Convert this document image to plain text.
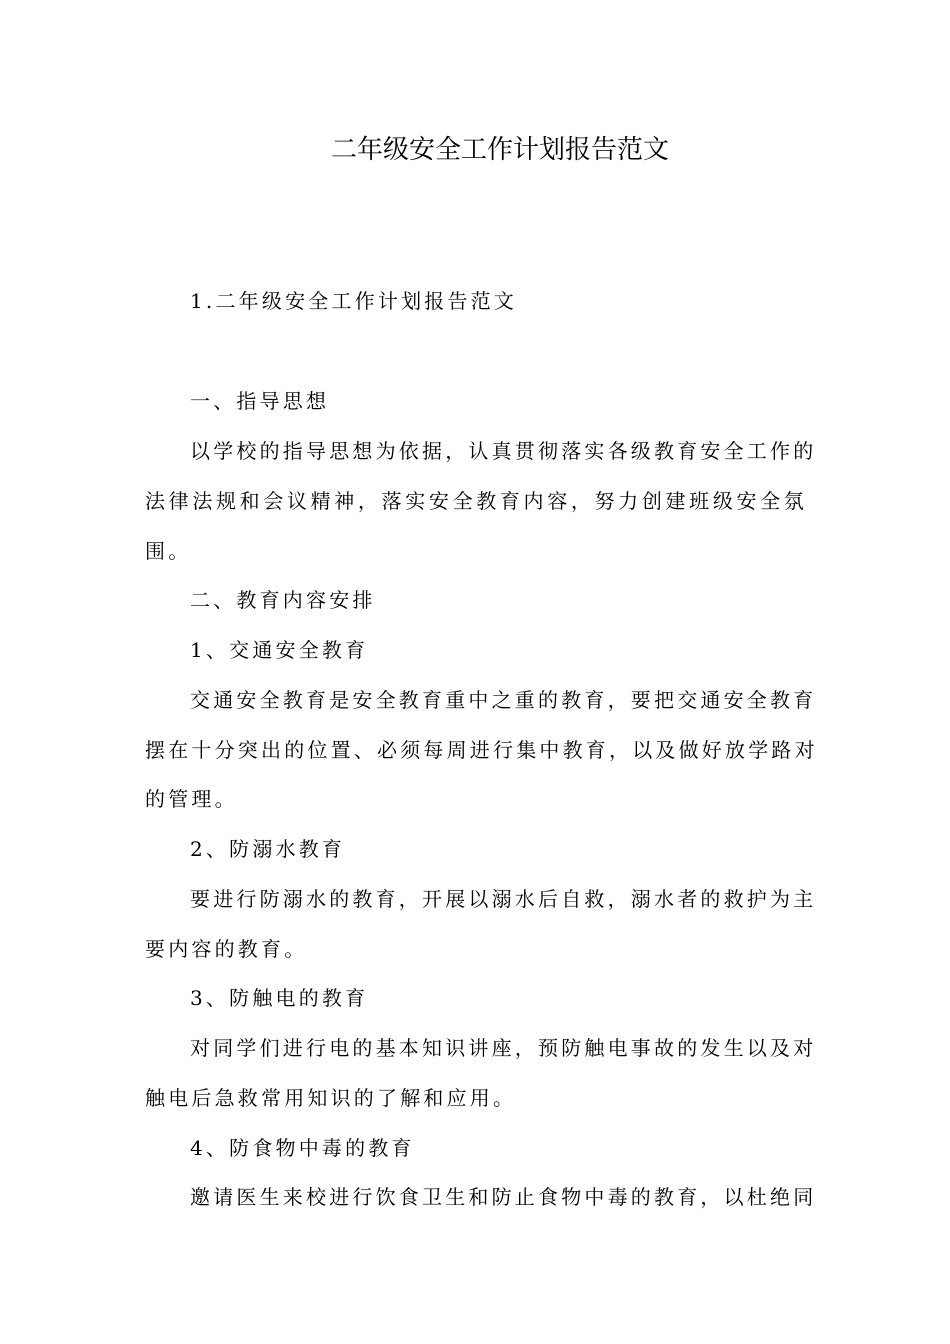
二年级安全工作计划报告范文
1.二年级安全工作计划报告范文
一、指导思想
以学校的指导思想为依据，认真贯彻落实各级教育安全工作的
法律法规和会议精神，落实安全教育内容，努力创建班级安全氛
围。
二、教育内容安排
1、交通安全教育
交通安全教育是安全教育重中之重的教育，要把交通安全教育
摆在十分突出的位置、必须每周进行集中教育，以及做好放学路对
的管理。
2、防溺水教育
要进行防溺水的教育，开展以溺水后自救，溺水者的救护为主
要内容的教育。
3、防触电的教育
对同学们进行电的基本知识讲座，预防触电事故的发生以及对
触电后急救常用知识的了解和应用。
4、防食物中毒的教育
邀请医生来校进行饮食卫生和防止食物中毒的教育，以杜绝同
